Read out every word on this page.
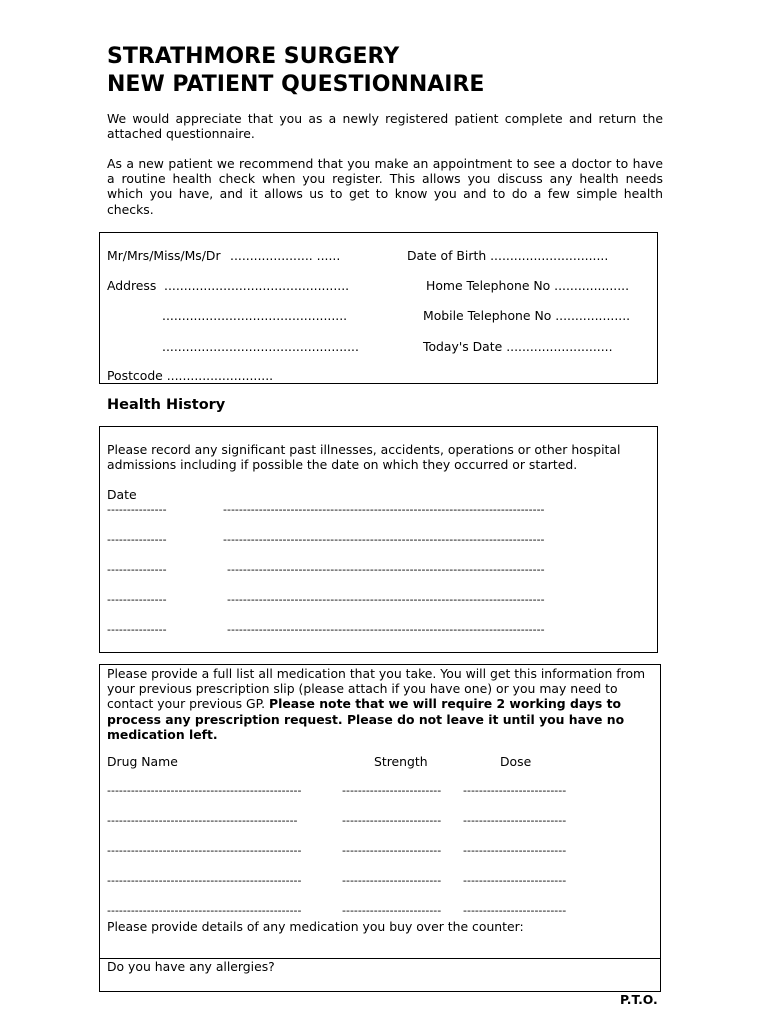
STRATHMORE SURGERY
NEW PATIENT QUESTIONNAIRE
We would appreciate that you as a newly registered patient complete and return the attached questionnaire.
As a new patient we recommend that you make an appointment to see a doctor to have a routine health check when you register. This allows you discuss any health needs which you have, and it allows us to get to know you and to do a few simple health checks.
Mr/Mrs/Miss/Ms/Dr ..................... ......	Date of Birth ..............................
Address ...............................................	Home Telephone No ...................
...............................................	Mobile Telephone No ...................
..................................................	Today's Date ...........................
Postcode ...........................
Health History
Please record any significant past illnesses, accidents, operations or other hospital admissions including if possible the date on which they occurred or started.
Date
---------------	---------------------------------------------------------------------------------
---------------	---------------------------------------------------------------------------------
---------------	--------------------------------------------------------------------------------
---------------	--------------------------------------------------------------------------------
---------------	--------------------------------------------------------------------------------
Please provide a full list all medication that you take. You will get this information from your previous prescription slip (please attach if you have one) or you may need to contact your previous GP. Please note that we will require 2 working days to process any prescription request. Please do not leave it until you have no medication left.
Drug Name	Strength	Dose
-------------------------------------------------	-------------------------	--------------------------
------------------------------------------------	-------------------------	--------------------------
-------------------------------------------------	-------------------------	--------------------------
-------------------------------------------------	-------------------------	--------------------------
-------------------------------------------------	-------------------------	--------------------------
Please provide details of any medication you buy over the counter:
Do you have any allergies?
P.T.O.
